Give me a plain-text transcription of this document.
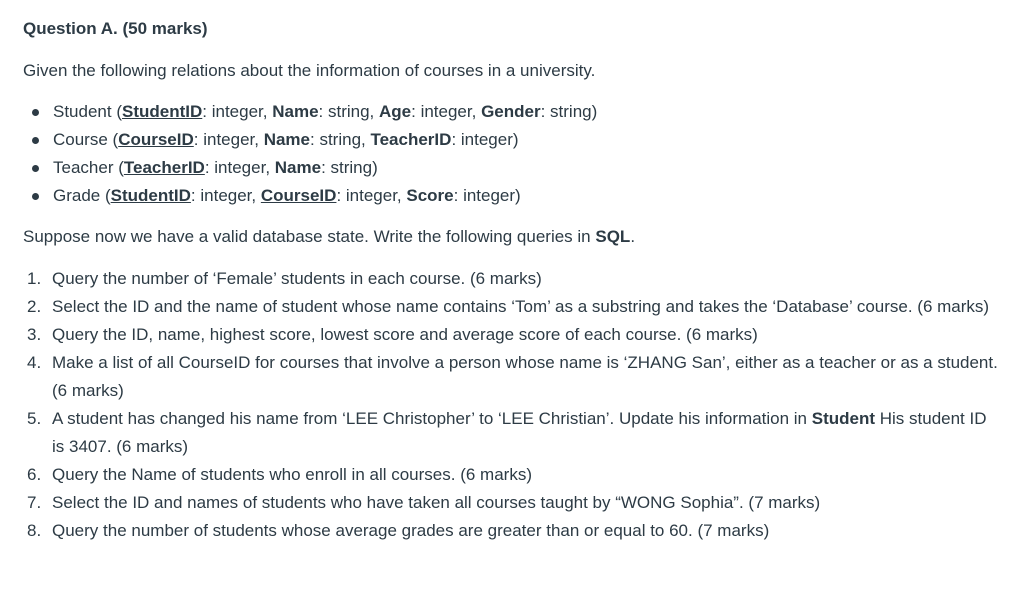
Question A. (50 marks)

Given the following relations about the information of courses in a university.

Student (StudentID: integer, Name: string, Age: integer, Gender: string)
Course (CourseID: integer, Name: string, TeacherID: integer)
Teacher (TeacherID: integer, Name: string)
Grade (StudentID: integer, CourseID: integer, Score: integer)

Suppose now we have a valid database state. Write the following queries in SQL.

1. Query the number of ‘Female’ students in each course. (6 marks)
2. Select the ID and the name of student whose name contains ‘Tom’ as a substring and takes the ‘Database’ course. (6 marks)
3. Query the ID, name, highest score, lowest score and average score of each course. (6 marks)
4. Make a list of all CourseID for courses that involve a person whose name is ‘ZHANG San’, either as a teacher or as a student. (6 marks)
5. A student has changed his name from ‘LEE Christopher’ to ‘LEE Christian’. Update his information in Student His student ID is 3407. (6 marks)
6. Query the Name of students who enroll in all courses. (6 marks)
7. Select the ID and names of students who have taken all courses taught by “WONG Sophia”. (7 marks)
8. Query the number of students whose average grades are greater than or equal to 60. (7 marks)
